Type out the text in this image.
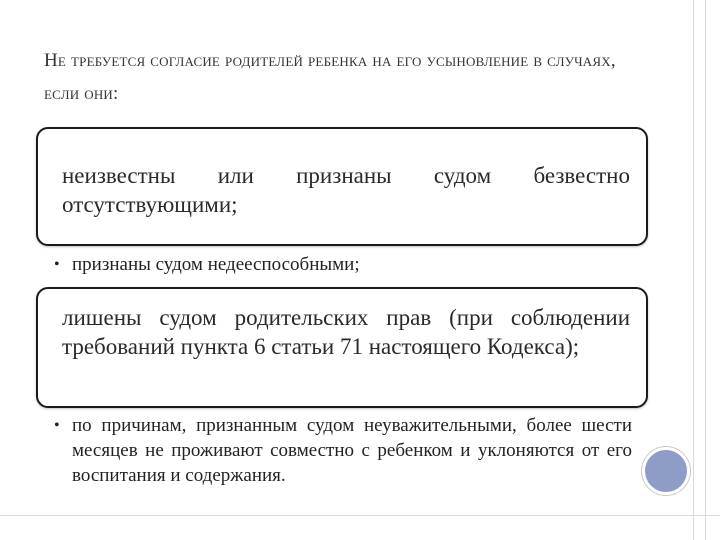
Не требуется согласие родителей ребенка на его усыновление в случаях, если они:
неизвестны или признаны судом безвестно отсутствующими;
• признаны судом недееспособными;
лишены судом родительских прав (при соблюдении требований пункта 6 статьи 71 настоящего Кодекса);
• по причинам, признанным судом неуважительными, более шести месяцев не проживают совместно с ребенком и уклоняются от его воспитания и содержания.
